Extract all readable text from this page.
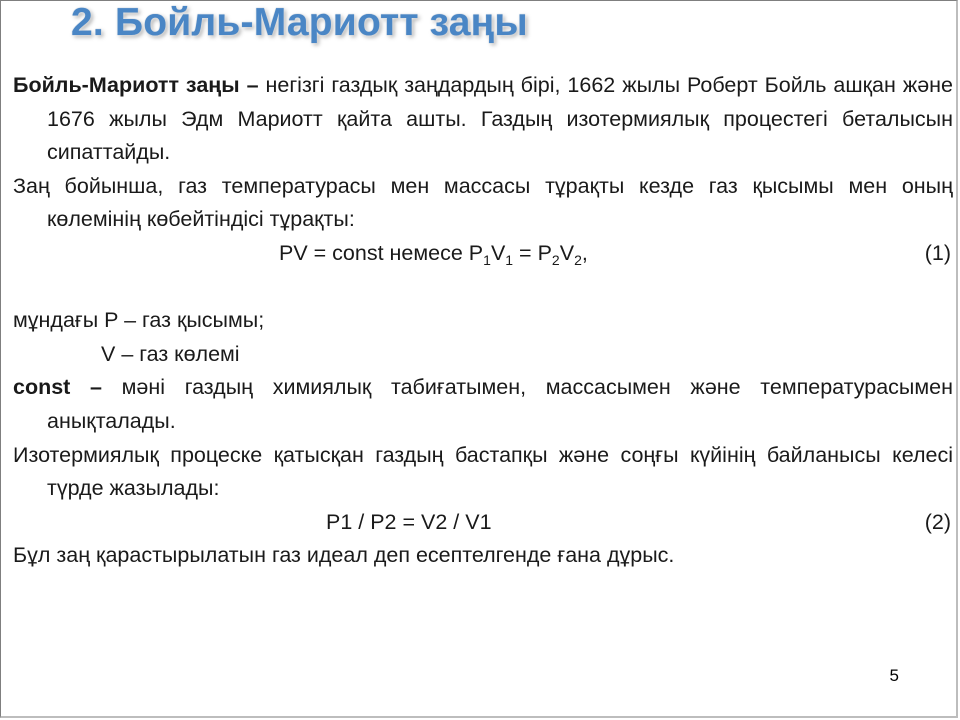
2. Бойль-Мариотт заңы

Бойль-Мариотт заңы – негізгі газдық заңдардың бірі, 1662 жылы Роберт Бойль ашқан және 1676 жылы Эдм Мариотт қайта ашты. Газдың изотермиялық процестегі беталысын сипаттайды.

Заң бойынша, газ температурасы мен массасы тұрақты кезде газ қысымы мен оның көлемінің көбейтіндісі тұрақты:

PV = const немесе $P_1V_1 = P_2V_2$,	(1)

мұндағы P – газ қысымы;

V – газ көлемі

const – мәні газдың химиялық табиғатымен, массасымен және температурасымен анықталады.

Изотермиялық процеске қатысқан газдың бастапқы және соңғы күйінің байланысы келесі түрде жазылады:

P1 / P2 = V2 / V1	(2)

Бұл заң қарастырылатын газ идеал деп есептелгенде ғана дұрыс.

5
